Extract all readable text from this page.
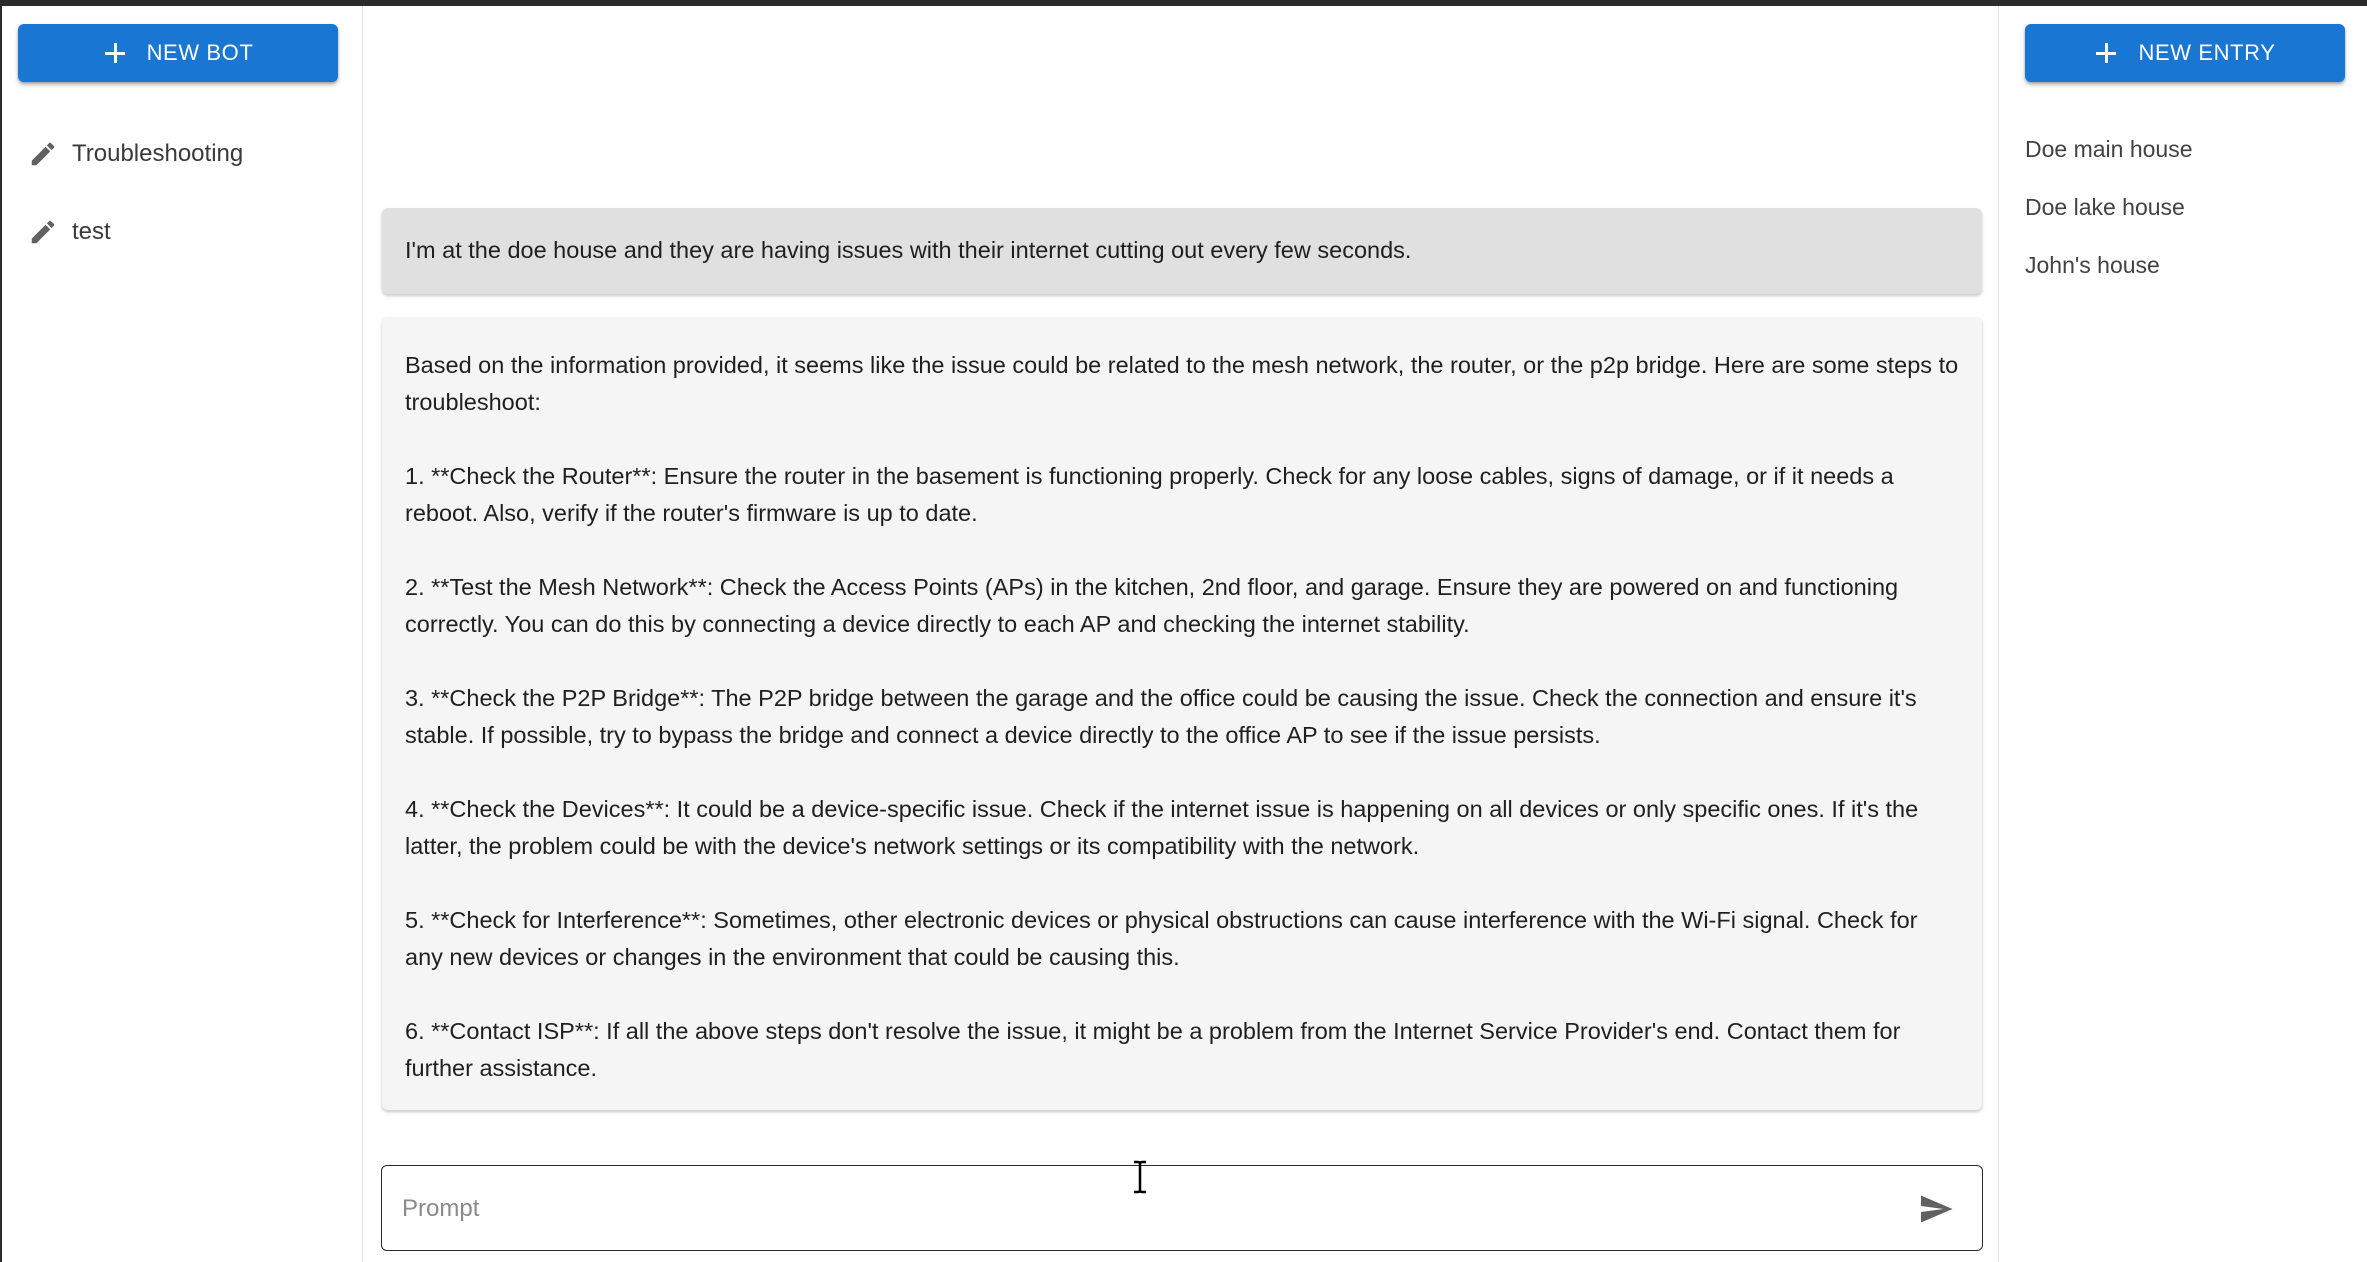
NEW BOT
Troubleshooting
test
I'm at the doe house and they are having issues with their internet cutting out every few seconds.

Based on the information provided, it seems like the issue could be related to the mesh network, the router, or the p2p bridge. Here are some steps to troubleshoot:

1. **Check the Router**: Ensure the router in the basement is functioning properly. Check for any loose cables, signs of damage, or if it needs a reboot. Also, verify if the router's firmware is up to date.

2. **Test the Mesh Network**: Check the Access Points (APs) in the kitchen, 2nd floor, and garage. Ensure they are powered on and functioning correctly. You can do this by connecting a device directly to each AP and checking the internet stability.

3. **Check the P2P Bridge**: The P2P bridge between the garage and the office could be causing the issue. Check the connection and ensure it's stable. If possible, try to bypass the bridge and connect a device directly to the office AP to see if the issue persists.

4. **Check the Devices**: It could be a device-specific issue. Check if the internet issue is happening on all devices or only specific ones. If it's the latter, the problem could be with the device's network settings or its compatibility with the network.

5. **Check for Interference**: Sometimes, other electronic devices or physical obstructions can cause interference with the Wi-Fi signal. Check for any new devices or changes in the environment that could be causing this.

6. **Contact ISP**: If all the above steps don't resolve the issue, it might be a problem from the Internet Service Provider's end. Contact them for further assistance.

Prompt
NEW ENTRY
Doe main house
Doe lake house
John's house
